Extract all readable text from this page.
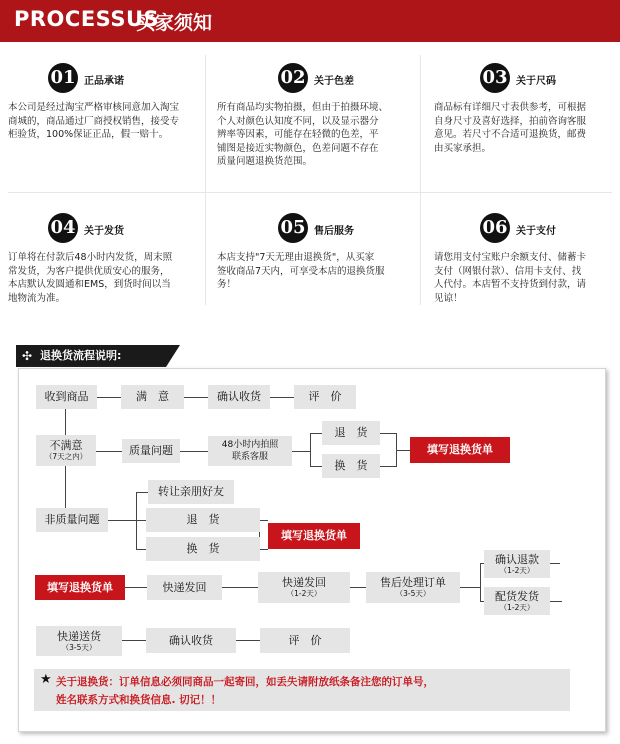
PROCESSUS
买家须知
01 正品承诺
本公司是经过淘宝严格审核同意加入淘宝
商城的，商品通过厂商授权销售，接受专
柜验货，100%保证正品，假一赔十。
02 关于色差
所有商品均实物拍摄，但由于拍摄环境、
个人对颜色认知度不同，以及显示器分
辨率等因素，可能存在轻微的色差，平
铺图是接近实物颜色，色差问题不存在
质量问题退换货范围。
03 关于尺码
商品标有详细尺寸表供参考，可根据
自身尺寸及喜好选择，拍前咨询客服
意见。若尺寸不合适可退换货，邮费
由买家承担。
04 关于发货
订单将在付款后48小时内发货，周末照
常发货，为客户提供优质安心的服务，
本店默认发圆通和EMS，到货时间以当
地物流为准。
05 售后服务
本店支持"7天无理由退换货"，从买家
签收商品7天内，可享受本店的退换货服
务！
06 关于支付
请您用支付宝账户余额支付、储蓄卡
支付（网银付款）、信用卡支付、找
人代付。本店暂不支持货到付款，请
见谅！
✣ 退换货流程说明:
收到商品	满　意	确认收货	评　价
不满意
（7天之内）	质量问题	48小时内拍照
联系客服
退　货
换　货
填写退换货单
非质量问题
转让亲朋好友
退　货
换　货
填写退换货单
填写退换货单	快递发回	快递发回
（1-2天）
售后处理订单
（3-5天）
确认退款
（1-2天）
配货发货
（1-2天）
快递送货
（3-5天）
确认收货	评　价
★ 关于退换货：订单信息必须同商品一起寄回，如丢失请附放纸条备注您的订单号，
姓名联系方式和换货信息. 切记！！
